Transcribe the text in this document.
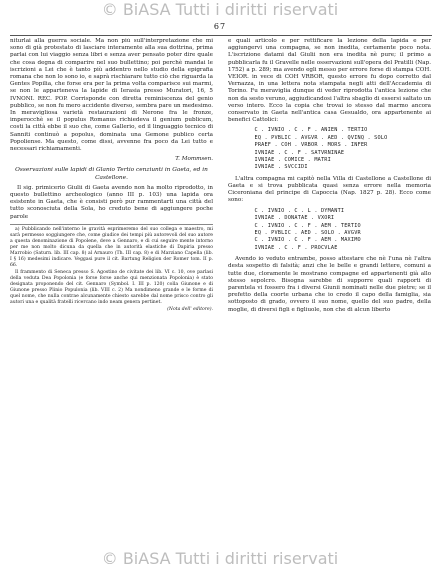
© BiASA Tutti i diritti riservati
67

niturlai alla guerra sociale. Ma non più sull'interpretazione che mi sono di già protestato di lasciare interamente alla sua dottrina, prima parlai con lui viaggio senza libri e senza aver pensato poter dire quale che cosa degna di comparire nel suo bullettino; poi perchè mandai le iscrizioni a Lei che è tanto più addentro nello studio della epigrafia romana che non lo sono io, e saprà rischiarare tutto ciò che riguarda la Gentes Popilia, che forse era per la prima volta comparisce sui marmi, se non le apparteneva la lapide di Ierasia presso Muratori, 16, 5 IVNONI. REC. POP. Corrisponde con diretta reminiscenza del genio pubblico, se non fu mero accidente diverso, sembra pare un medesimo. In meravigliosa varietà restaurazioni di Nerone fra le fronze, imperocchè se il populus Romanus richiedeva il genium publicum, costi la città ebbe il suo che, come Gallerio, ed il linguaggio tecnico di Sanniti continuò a popolus, dominata una Gemone publico certa Popoliense. Ma questo, come dissi, avvenne fra poco da Lei tutto e necessari richiamamenti.

T. Mommsen.
Osservazioni sulle lapidi di Glanio Tertio cenziunti in Gaeta, ed in Castellone.

Il sig. primicerio Giulii di Gaeta avendo non ha molto riprodotto, in questo bullettino archeologico (anno III p. 103) una lapida ora esistente in Gaeta, che è consisti però pur rammentarti una città del tutto sconosciuta della Sola, ho creduto bene di aggiungere poche parole

a) Pubblicando nell'interno le gravità esprimeremo del suo collega e maestro, mi sarà permesso soggiungere che, come giudice dei tempi più autorevoli del suo autore a questa denominazione di Popolene, deve a Gennaro, e di cui seguire mente intorno per me non molto dicuna da quella che in autorità elastiche di Dapiria presso Marrobio (Saturn. lib. III cap. 8) al Arnauro (Th. III cap. 8) e di Marziano Capella (lib. I § 16) medesimi indicare. Veggasi pure il cit. Bartung Religion der Romer tom. II p. 66.

Il frammento di Seneca presso S. Agostino de civitate dei lib. VI c. 10, ove parlasi della veduta Dea Popolonia (e forse forse anche qui menzionata Popolonia) è stato designata proponendo del cit. Gennaro (Symbol. I. III p. 120) colla Giunone e di Giunone presso Plinio Populonia (lib. VIII c. 2) Ma nondimeno grande e le forme di quel nome, che nulla contrae alcunamente chiesto sarebbe dal nome prisco contro gli autori una e qualità fratelli ricercano indo neam genera pertinet.

(Nota dell' editore).

e quali articolo e per rettificare la lezione della lapida e per aggiungervi una compagna, se non inedita, certamente poco nota. L'iscrizione datami dal Giulii non era inedita nè pure; il primo a pubblicarla fu il Gravelle nelle osservazioni sull'opera del Pratilli (Nap. 1752) a p. 289; ma avendo egli messo per errore forse di stampa COH. VEIOR. in vece di COH VRBOR, questo errore fu dopo corretto dal Vernazza, in una lettera nota stampata negli atti dell'Accademia di Torino. Fu meraviglia dunque di veder riprodotta l'antica lezione che non da sesto veruno, aggiudicandosi l'altra sbaglio di essersi saltato un verso intero. Ecco la copia che trovai io stesso dal marmo ancora conservato in Gaeta nell'antica casa Gesualdo, ora appartenente ai benefici Cattolici:

C . IVNIO . C . F . ANIEN . TERTIO
EQ . PVBLIC . AVGVR . AED . QVINQ . SOLO
PRAEF . COH . VRBOR . MORS . INFER
IVNIAE . C . F . SATVRNINAE
IVNIAE . COMICE . MATRI
IVNIAE . SVCCIDI

L'altra compagna mi capitò nella Villa di Castellone a Castellone di Gaeta e si trova pubblicata quasi senza errore nella memoria Ciceroniana del principe di Capoccia (Nap. 1827 p. 28). Ecco come sono:

C . IVNIO . C . L . DYMANTI
IVNIAE . DONATAE . VXORI
C . IVNIO . C . F . AEM . TERTIO
EQ . PVBLIC . AED . SOLO . AVGVR
C . IVNIO . C . F . AEM . MAXIMO
IVNIAE . C . F . PROCVLAE

Avendo io veduto entrambe, posso attestare che nè l'una nè l'altra desta sospetto di falsità; anzi che le belle e grandi lettere, comuni a tutte due, cloramente le mostrano compagne ed appartenenti già allo stesso sepolcro. Bisogna sarebbe di supporre quali rapporti di parentela vi fossero fra i diversi Giunii nominati nelle due pietre; se il prefetto della coorte urbana che io credo il capo della famiglia, sia sottoposto di grado, ovvero il suo nome, quello del suo padre, della moglie, di diversi figli e figliuole, non che di alcun liberto

© BiASA Tutti i diritti riservati
